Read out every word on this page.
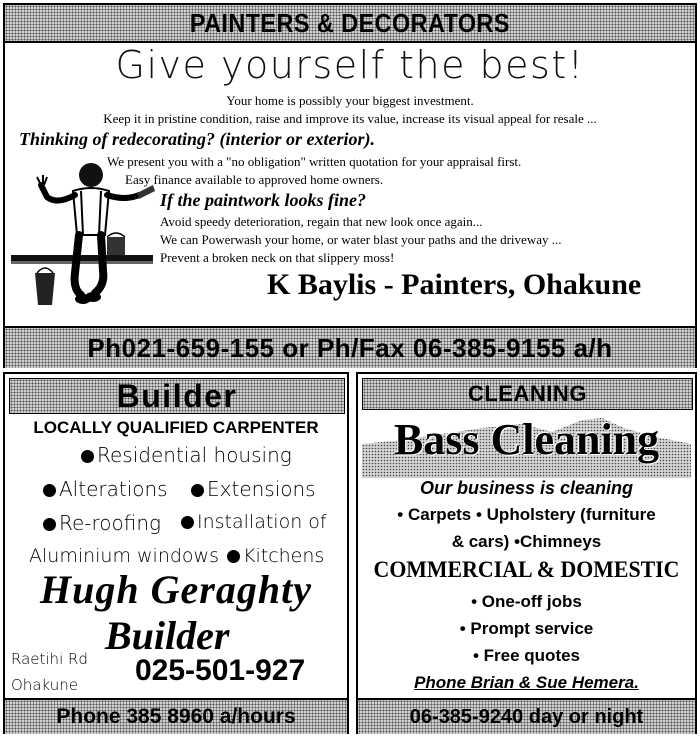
PAINTERS & DECORATORS
Give yourself the best!
Your home is possibly your biggest investment.
Keep it in pristine condition, raise and improve its value, increase its visual appeal for resale ...
Thinking of redecorating? (interior or exterior).
We present you with a "no obligation" written quotation for your appraisal first.
Easy finance available to approved home owners.
If the paintwork looks fine?
Avoid speedy deterioration, regain that new look once again...
We can Powerwash your home, or water blast your paths and the driveway ...
Prevent a broken neck on that slippery moss!
K Baylis - Painters, Ohakune
Ph021-659-155 or Ph/Fax 06-385-9155 a/h
Builder
LOCALLY QUALIFIED CARPENTER
Residential housing
Alterations	Extensions
Re-roofing	Installation of
Aluminium windows	Kitchens
Hugh Geraghty
Builder
Raetihi Rd
Ohakune 025-501-927
Phone 385 8960 a/hours
CLEANING
Bass Cleaning
Our business is cleaning
• Carpets • Upholstery (furniture
& cars) •Chimneys
COMMERCIAL & DOMESTIC
• One-off jobs
• Prompt service
• Free quotes
Phone Brian & Sue Hemera.
06-385-9240 day or night
